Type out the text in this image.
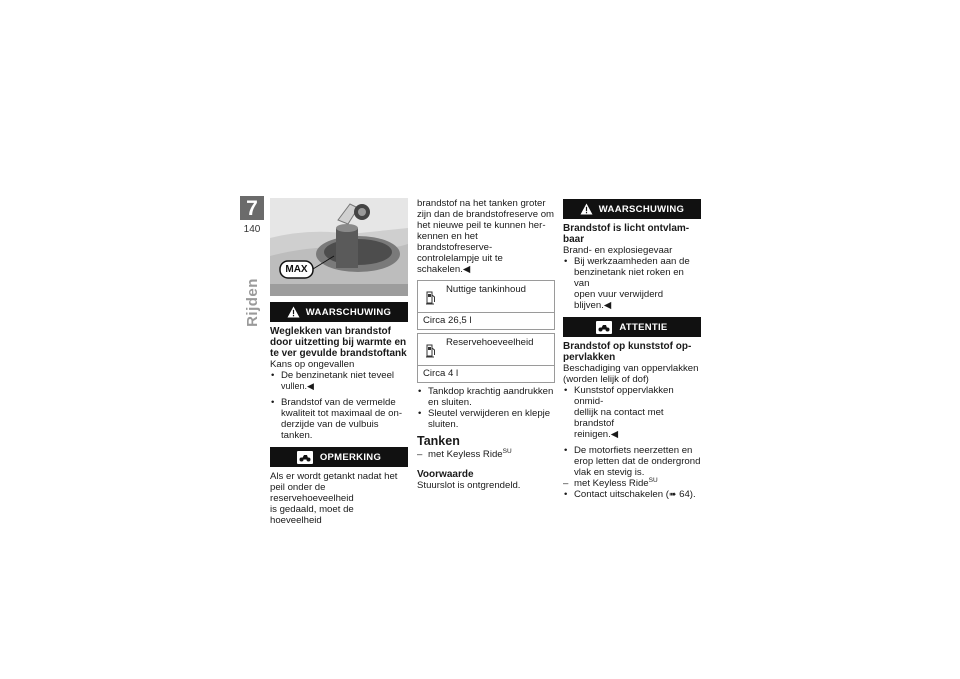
7
140
Rijden
MAX
WAARSCHUWING

Weglekken van brandstof
door uitzetting bij warmte en
te ver gevulde brandstoftank

Kans op ongevallen

• De benzinetank niet teveel
vullen.◀

• Brandstof van de vermelde
kwaliteit tot maximaal de on-
derzijde van de vulbuis tanken.

OPMERKING

Als er wordt getankt nadat het
peil onder de reservehoeveelheid
is gedaald, moet de hoeveelheid

brandstof na het tanken groter
zijn dan de brandstofreserve om
het nieuwe peil te kunnen her-
kennen en het brandstofreserve-
controlelampje uit te schakelen.◀

Nuttige tankinhoud
Circa 26,5 l
Reservehoeveelheid
Circa 4 l

• Tankdop krachtig aandrukken
en sluiten.

• Sleutel verwijderen en klepje
sluiten.

Tanken

– met Keyless Ride$^{SU}$

Voorwaarde

Stuurslot is ontgrendeld.

WAARSCHUWING

Brandstof is licht ontvlam-
baar

Brand- en explosiegevaar

• Bij werkzaamheden aan de
benzinetank niet roken en van
open vuur verwijderd blijven.◀

ATTENTIE

Brandstof op kunststof op-
pervlakken

Beschadiging van oppervlakken
(worden lelijk of dof)

• Kunststof oppervlakken onmid-
dellijk na contact met brandstof
reinigen.◀

• De motorfiets neerzetten en
erop letten dat de ondergrond
vlak en stevig is.

– met Keyless Ride$^{SU}$

• Contact uitschakelen (➠ 64).
